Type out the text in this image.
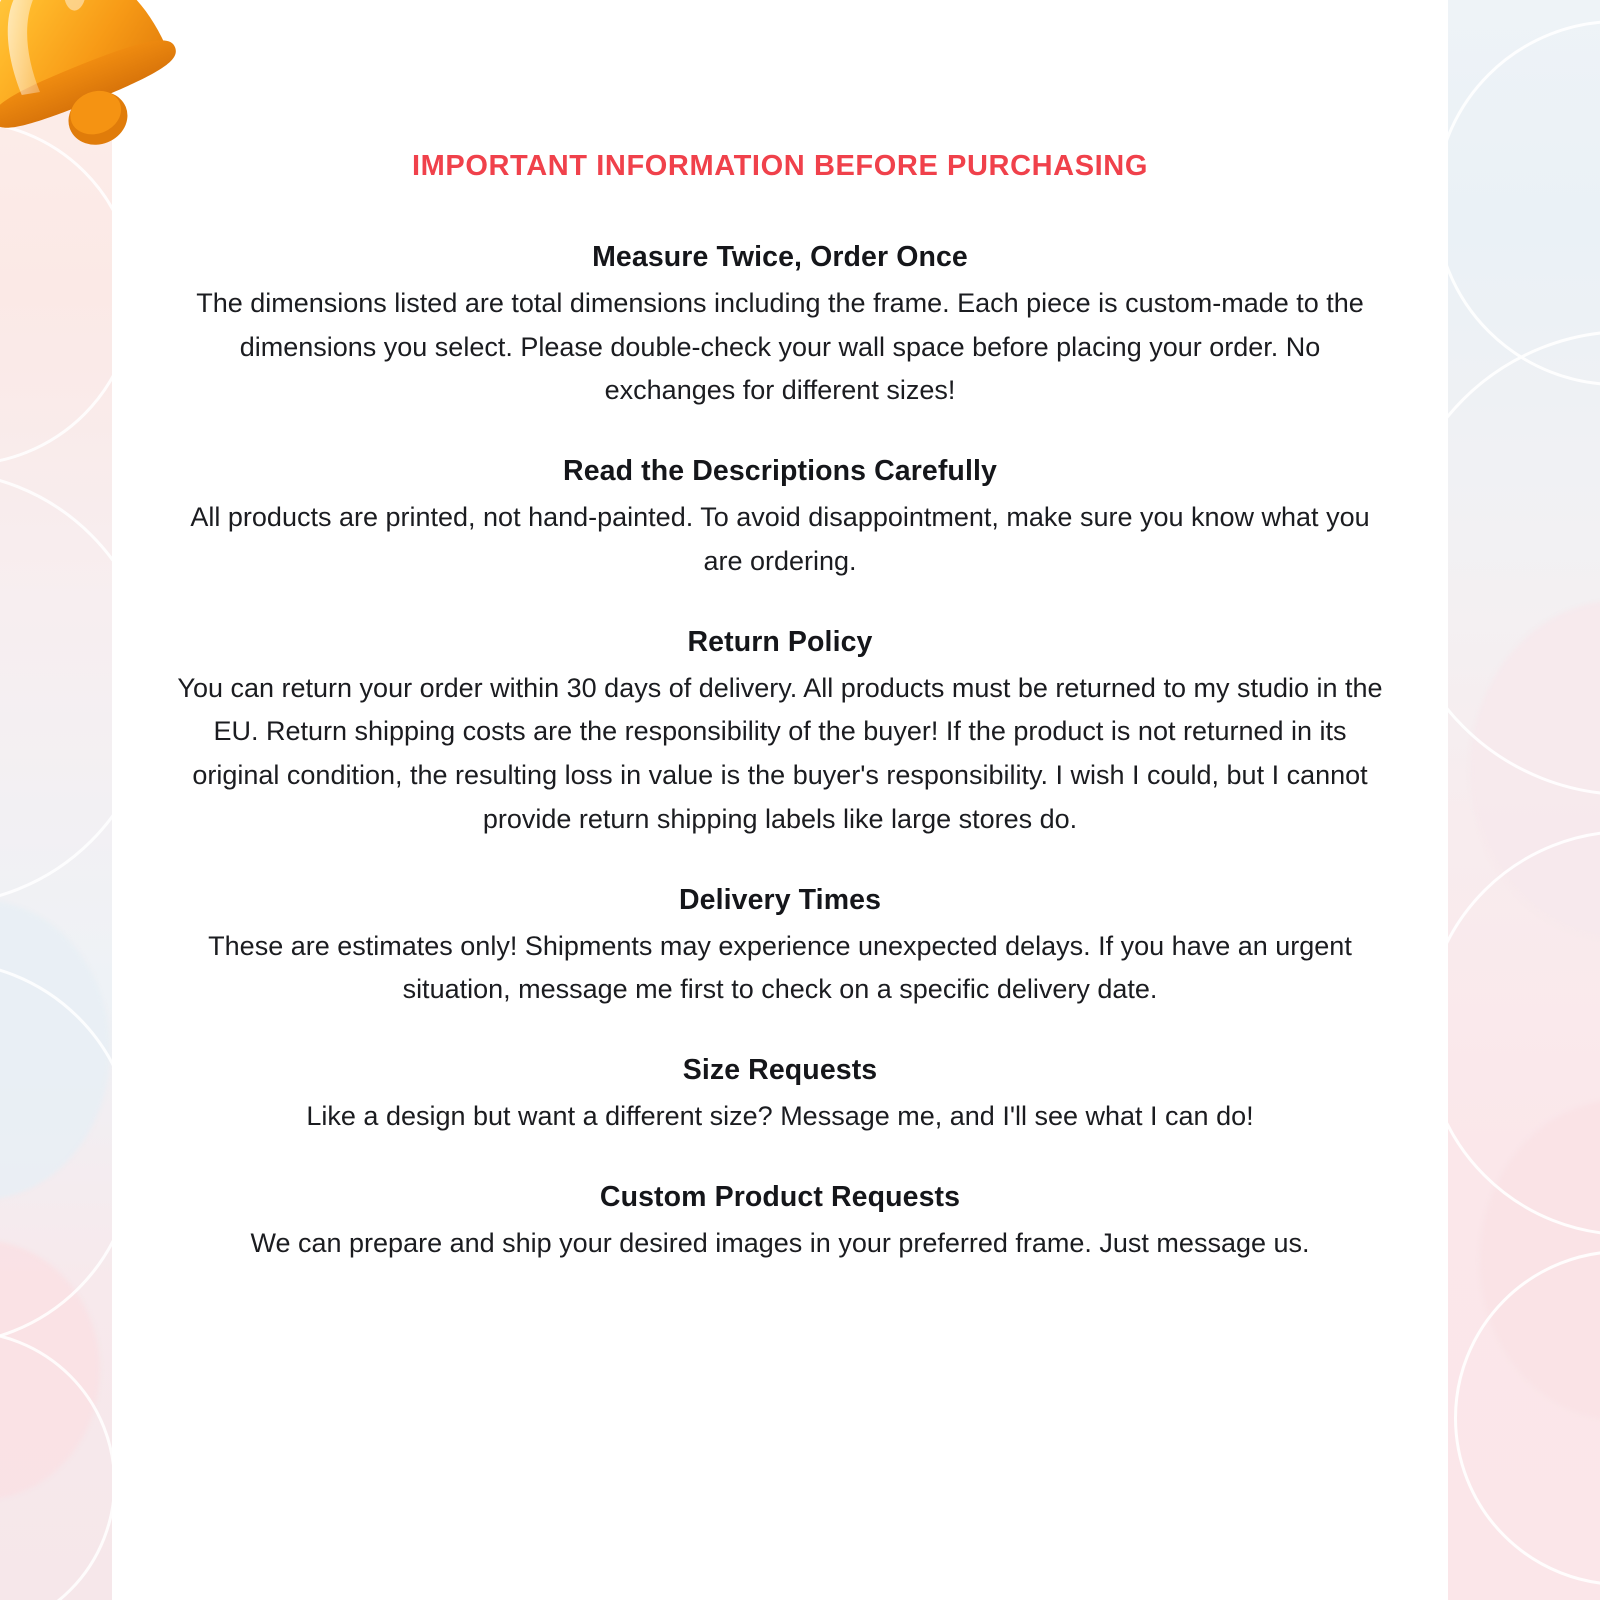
IMPORTANT INFORMATION BEFORE PURCHASING
Measure Twice, Order Once

The dimensions listed are total dimensions including the frame. Each piece is custom-made to the dimensions you select. Please double-check your wall space before placing your order. No exchanges for different sizes!

Read the Descriptions Carefully

All products are printed, not hand-painted. To avoid disappointment, make sure you know what you are ordering.

Return Policy

You can return your order within 30 days of delivery. All products must be returned to my studio in the EU. Return shipping costs are the responsibility of the buyer! If the product is not returned in its original condition, the resulting loss in value is the buyer's responsibility. I wish I could, but I cannot provide return shipping labels like large stores do.

Delivery Times

These are estimates only! Shipments may experience unexpected delays. If you have an urgent situation, message me first to check on a specific delivery date.

Size Requests

Like a design but want a different size? Message me, and I'll see what I can do!

Custom Product Requests

We can prepare and ship your desired images in your preferred frame. Just message us.
